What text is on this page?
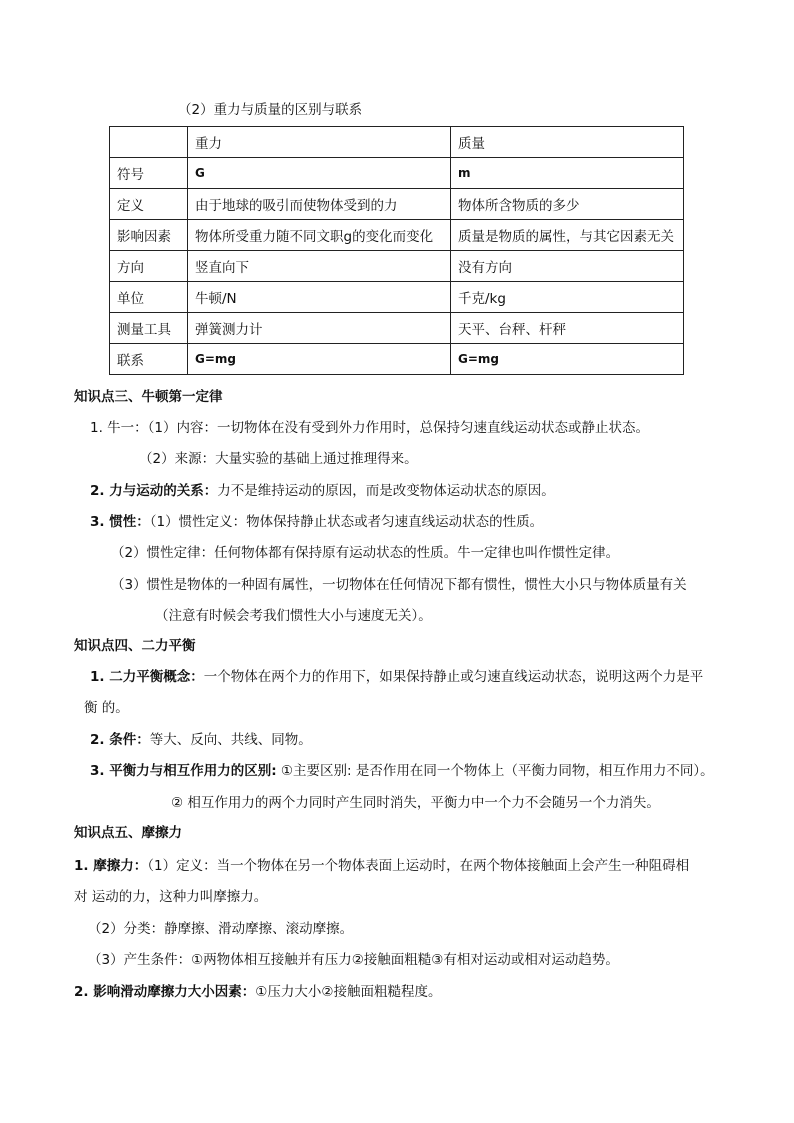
（2）重力与质量的区别与联系
	重力	质量
符号	G	m
定义	由于地球的吸引而使物体受到的力	物体所含物质的多少
影响因素	物体所受重力随不同文职g的变化而变化	质量是物质的属性，与其它因素无关
方向	竖直向下	没有方向
单位	牛顿/N	千克/kg
测量工具	弹簧测力计	天平、台秤、杆秤
联系	G=mg	G=mg
知识点三、牛顿第一定律
1. 牛一：（1）内容：一切物体在没有受到外力作用时，总保持匀速直线运动状态或静止状态。
（2）来源：大量实验的基础上通过推理得来。
2. 力与运动的关系：力不是维持运动的原因，而是改变物体运动状态的原因。
3. 惯性：（1）惯性定义：物体保持静止状态或者匀速直线运动状态的性质。
（2）惯性定律：任何物体都有保持原有运动状态的性质。牛一定律也叫作惯性定律。
（3）惯性是物体的一种固有属性，一切物体在任何情况下都有惯性，惯性大小只与物体质量有关
（注意有时候会考我们惯性大小与速度无关）。
知识点四、二力平衡
1. 二力平衡概念：一个物体在两个力的作用下，如果保持静止或匀速直线运动状态，说明这两个力是平
衡 的。
2. 条件：等大、反向、共线、同物。
3. 平衡力与相互作用力的区别: ①主要区别: 是否作用在同一个物体上（平衡力同物，相互作用力不同）。
② 相互作用力的两个力同时产生同时消失，平衡力中一个力不会随另一个力消失。
知识点五、摩擦力
1. 摩擦力：（1）定义：当一个物体在另一个物体表面上运动时，在两个物体接触面上会产生一种阻碍相
对 运动的力，这种力叫摩擦力。
（2）分类：静摩擦、滑动摩擦、滚动摩擦。
（3）产生条件：①两物体相互接触并有压力②接触面粗糙③有相对运动或相对运动趋势。
2. 影响滑动摩擦力大小因素：①压力大小②接触面粗糙程度。
